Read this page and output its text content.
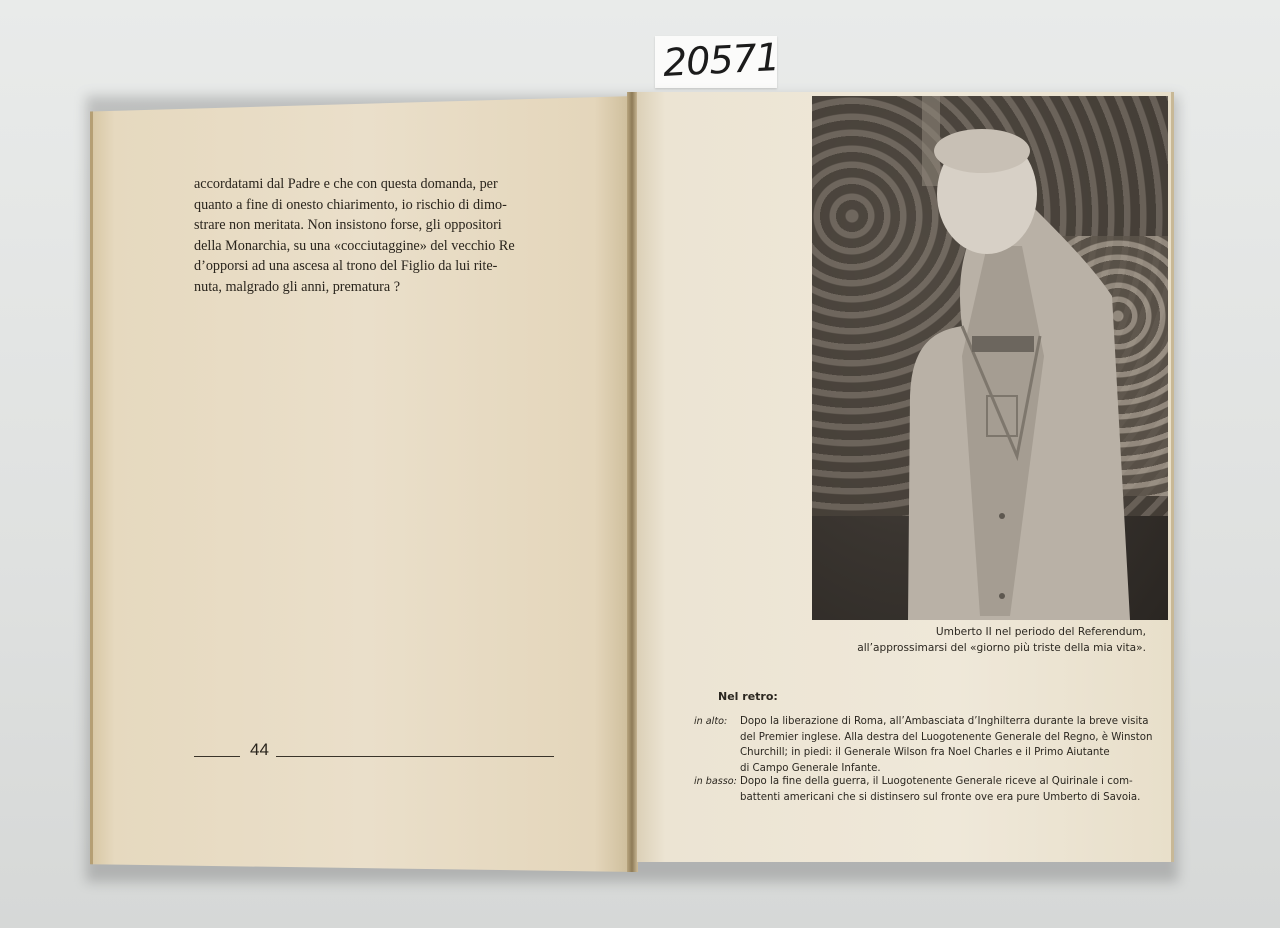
20571
accordatami dal Padre e che con questa domanda, per
quanto a fine di onesto chiarimento, io rischio di dimo-
strare non meritata. Non insistono forse, gli oppositori
della Monarchia, su una «cocciutaggine» del vecchio Re
d’opporsi ad una ascesa al trono del Figlio da lui rite-
nuta, malgrado gli anni, prematura ?
44
Umberto II nel periodo del Referendum,
all’approssimarsi del «giorno più triste della mia vita».
Nel retro:
in alto: Dopo la liberazione di Roma, all’Ambasciata d’Inghilterra durante la breve visita
del Premier inglese. Alla destra del Luogotenente Generale del Regno, è Winston
Churchill; in piedi: il Generale Wilson fra Noel Charles e il Primo Aiutante
di Campo Generale Infante.
in basso: Dopo la fine della guerra, il Luogotenente Generale riceve al Quirinale i com-
battenti americani che si distinsero sul fronte ove era pure Umberto di Savoia.
